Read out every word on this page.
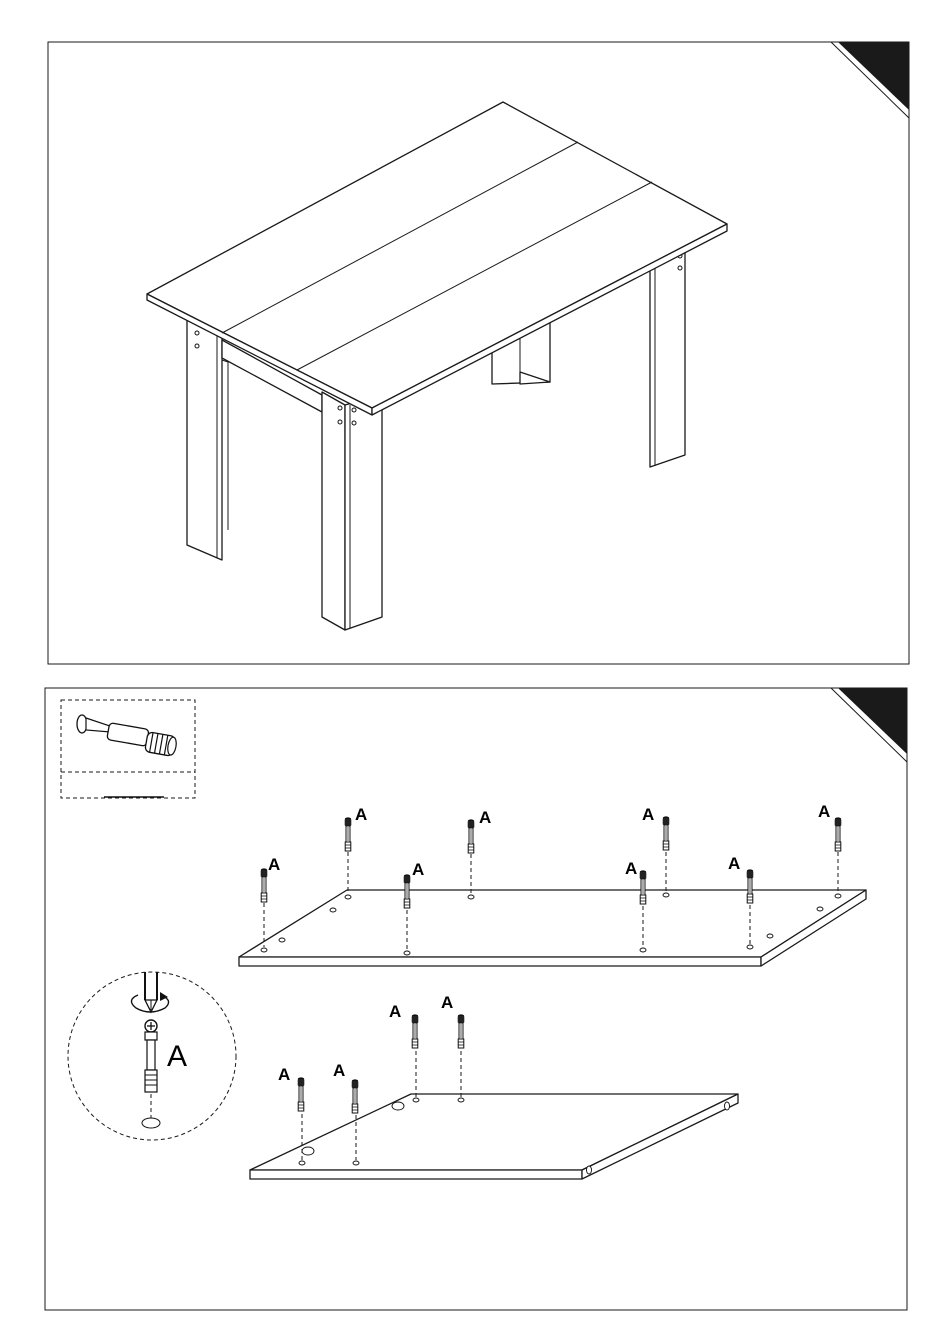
A
A
A
A
A
A
A
A
A	A
A A
A
